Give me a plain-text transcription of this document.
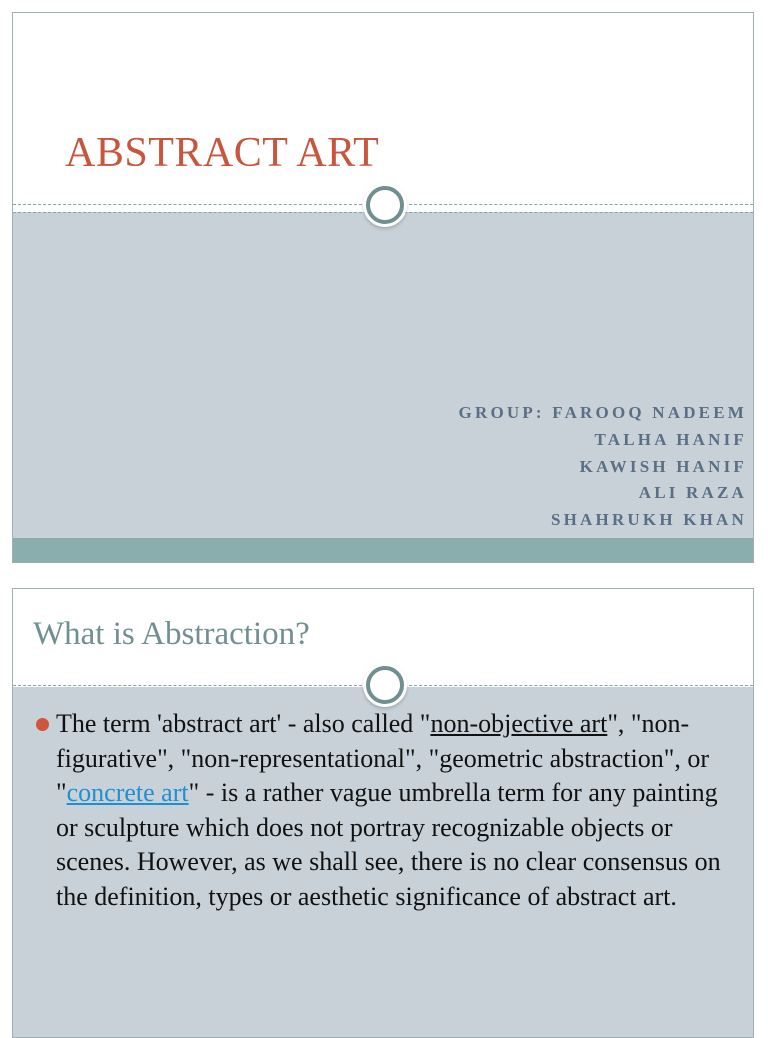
ABSTRACT ART
GROUP: FAROOQ NADEEM
TALHA HANIF
KAWISH HANIF
ALI RAZA
SHAHRUKH KHAN
What is Abstraction?
The term 'abstract art' - also called "non-objective art", "non-figurative", "non-representational", "geometric abstraction", or "concrete art" - is a rather vague umbrella term for any painting or sculpture which does not portray recognizable objects or scenes. However, as we shall see, there is no clear consensus on the definition, types or aesthetic significance of abstract art.
